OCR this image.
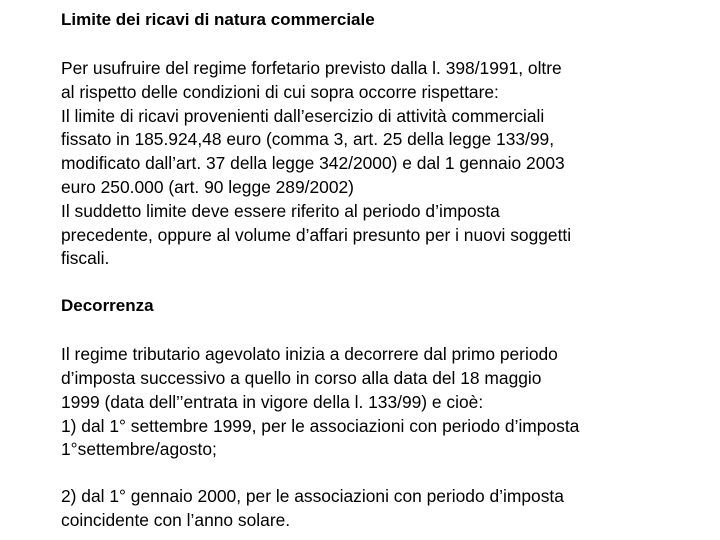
Limite dei ricavi di natura commerciale

Per usufruire del regime forfetario previsto dalla l. 398/1991, oltre

al rispetto delle condizioni di cui sopra occorre rispettare:

Il limite di ricavi provenienti dall’esercizio di attività commerciali

fissato in 185.924,48 euro (comma 3, art. 25 della legge 133/99,

modificato dall’art. 37 della legge 342/2000) e dal 1 gennaio 2003

euro 250.000 (art. 90 legge 289/2002)

Il suddetto limite deve essere riferito al periodo d’imposta

precedente, oppure al volume d’affari presunto per i nuovi soggetti

fiscali.

Decorrenza

Il regime tributario agevolato inizia a decorrere dal primo periodo

d’imposta successivo a quello in corso alla data del 18 maggio

1999 (data dell’’entrata in vigore della l. 133/99) e cioè:

1) dal 1° settembre 1999, per le associazioni con periodo d’imposta

1°settembre/agosto;

2) dal 1° gennaio 2000, per le associazioni con periodo d’imposta

coincidente con l’anno solare.
